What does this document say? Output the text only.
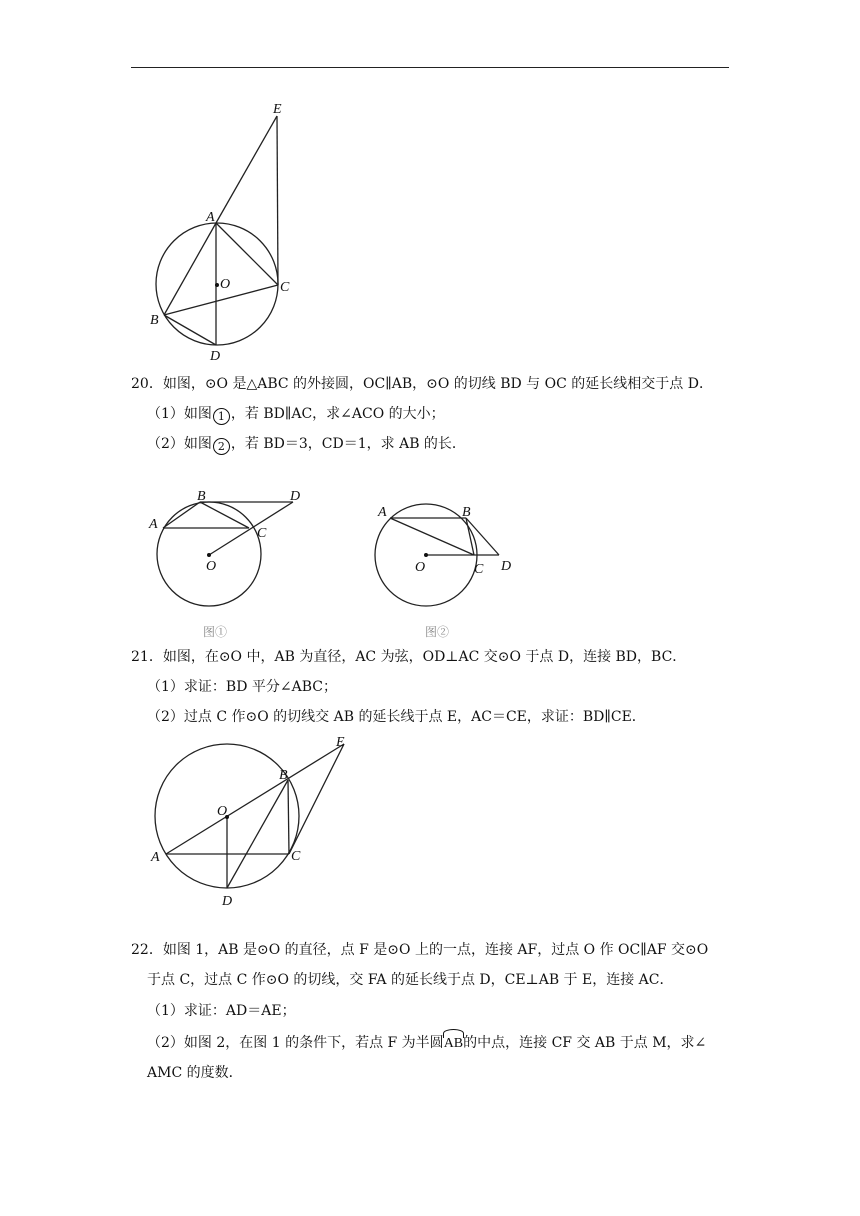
E
A
O	C
B
D
20．如图，⊙O 是△ABC 的外接圆，OC∥AB，⊙O 的切线 BD 与 OC 的延长线相交于点 D．
（1）如图 1 ，若 BD∥AC，求∠ACO 的大小；
（2）如图 2 ，若 BD＝3，CD＝1，求 AB 的长．
B	D
A
C
O
图①
A	B
O	C D
图②
21．如图，在⊙O 中，AB 为直径，AC 为弦，OD⊥AC 交⊙O 于点 D，连接 BD，BC．
（1）求证：BD 平分∠ABC；
（2）过点 C 作⊙O 的切线交 AB 的延长线于点 E，AC＝CE，求证：BD∥CE．
E
B
O
A	C
D
22．如图 1，AB 是⊙O 的直径，点 F 是⊙O 上的一点，连接 AF，过点 O 作 OC∥AF 交⊙O
于点 C，过点 C 作⊙O 的切线，交 FA 的延长线于点 D，CE⊥AB 于 E，连接 AC．
（1）求证：AD＝AE；
（2）如图 2，在图 1 的条件下，若点 F 为半圆AB的中点，连接 CF 交 AB 于点 M，求∠
AMC 的度数．
